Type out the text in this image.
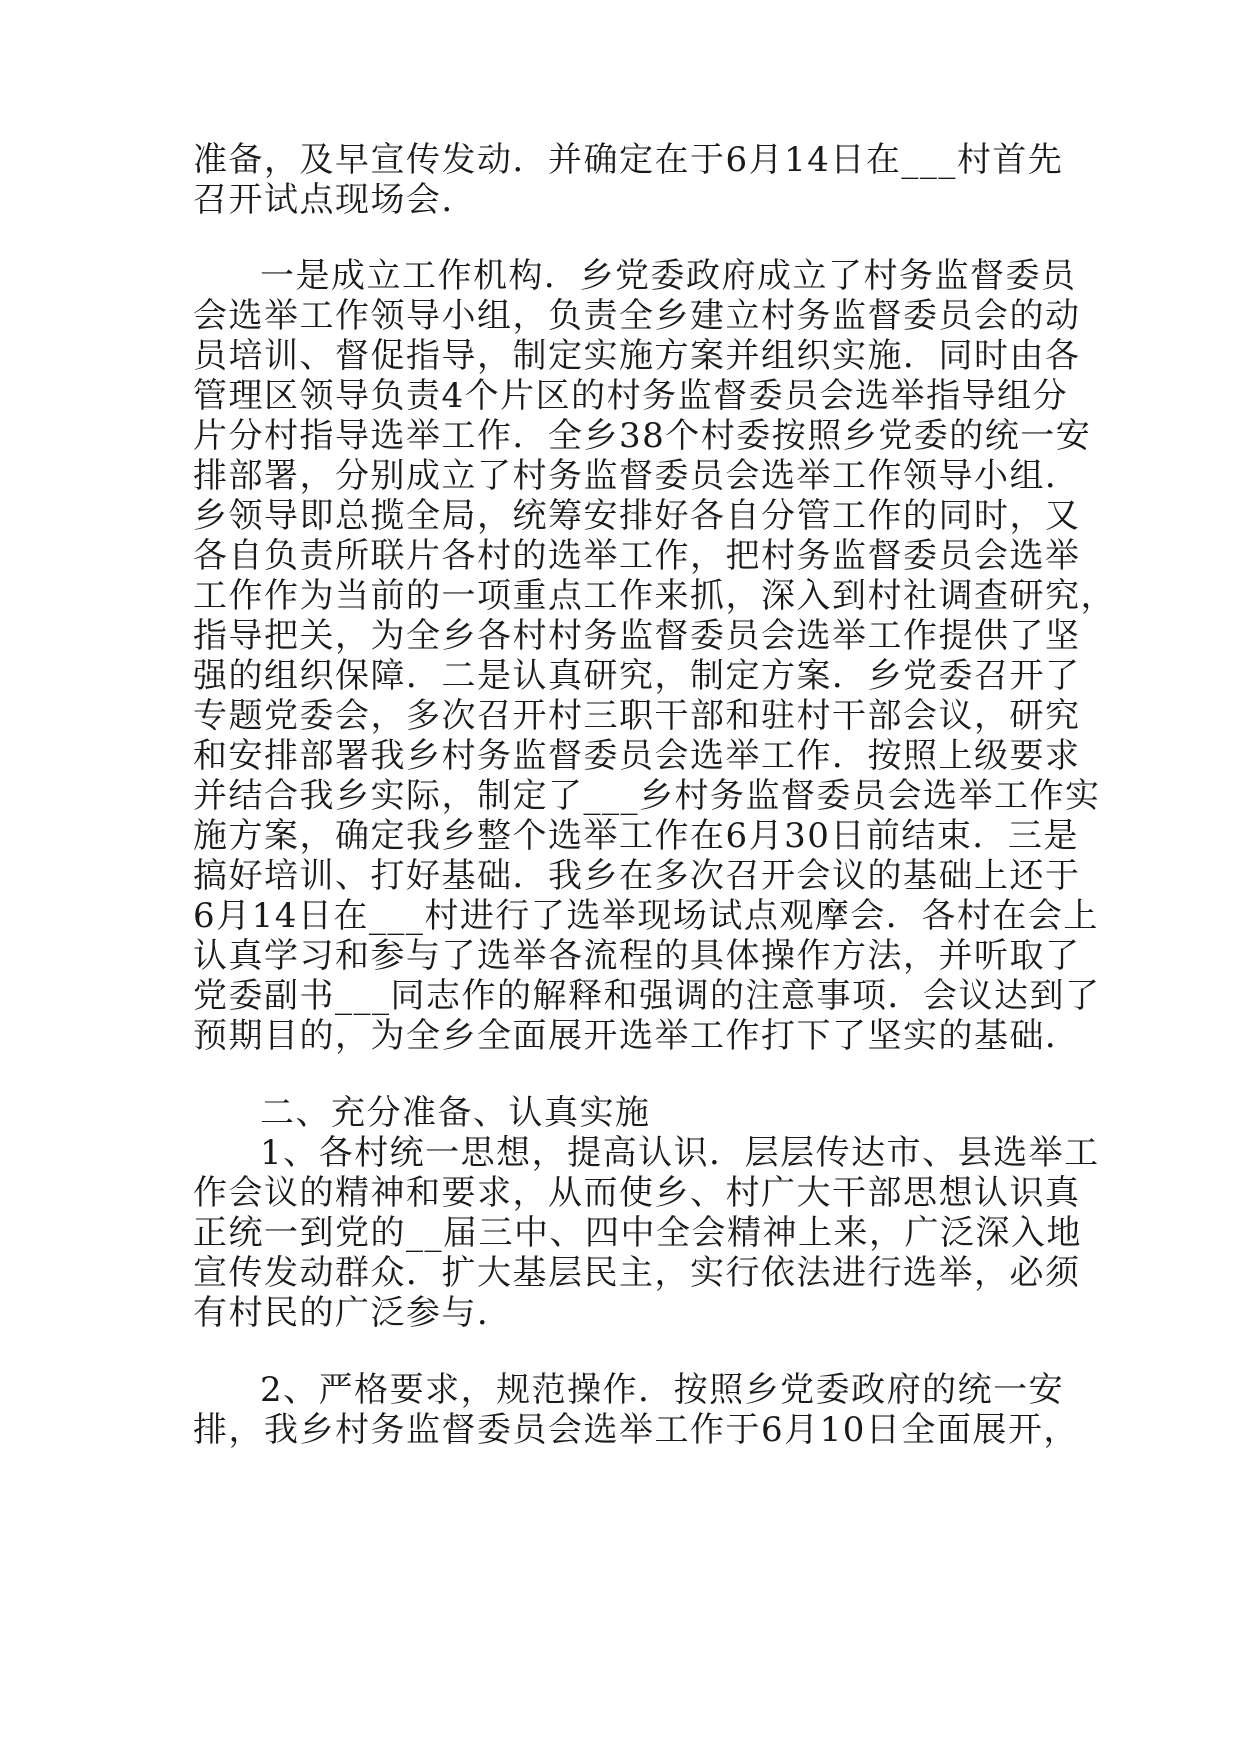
准备，及早宣传发动．并确定在于6月14日在___村首先
召开试点现场会．
一是成立工作机构．乡党委政府成立了村务监督委员
会选举工作领导小组，负责全乡建立村务监督委员会的动
员培训、督促指导，制定实施方案并组织实施．同时由各
管理区领导负责4个片区的村务监督委员会选举指导组分
片分村指导选举工作．全乡38个村委按照乡党委的统一安
排部署，分别成立了村务监督委员会选举工作领导小组．
乡领导即总揽全局，统筹安排好各自分管工作的同时，又
各自负责所联片各村的选举工作，把村务监督委员会选举
工作作为当前的一项重点工作来抓，深入到村社调查研究，
指导把关，为全乡各村村务监督委员会选举工作提供了坚
强的组织保障．二是认真研究，制定方案．乡党委召开了
专题党委会，多次召开村三职干部和驻村干部会议，研究
和安排部署我乡村务监督委员会选举工作．按照上级要求
并结合我乡实际，制定了___乡村务监督委员会选举工作实
施方案，确定我乡整个选举工作在6月30日前结束．三是
搞好培训、打好基础．我乡在多次召开会议的基础上还于
6月14日在___村进行了选举现场试点观摩会．各村在会上
认真学习和参与了选举各流程的具体操作方法，并听取了
党委副书___同志作的解释和强调的注意事项．会议达到了
预期目的，为全乡全面展开选举工作打下了坚实的基础．
二、充分准备、认真实施
1、各村统一思想，提高认识．层层传达市、县选举工
作会议的精神和要求，从而使乡、村广大干部思想认识真
正统一到党的__届三中、四中全会精神上来，广泛深入地
宣传发动群众．扩大基层民主，实行依法进行选举，必须
有村民的广泛参与．
2、严格要求，规范操作．按照乡党委政府的统一安
排，我乡村务监督委员会选举工作于6月10日全面展开，
